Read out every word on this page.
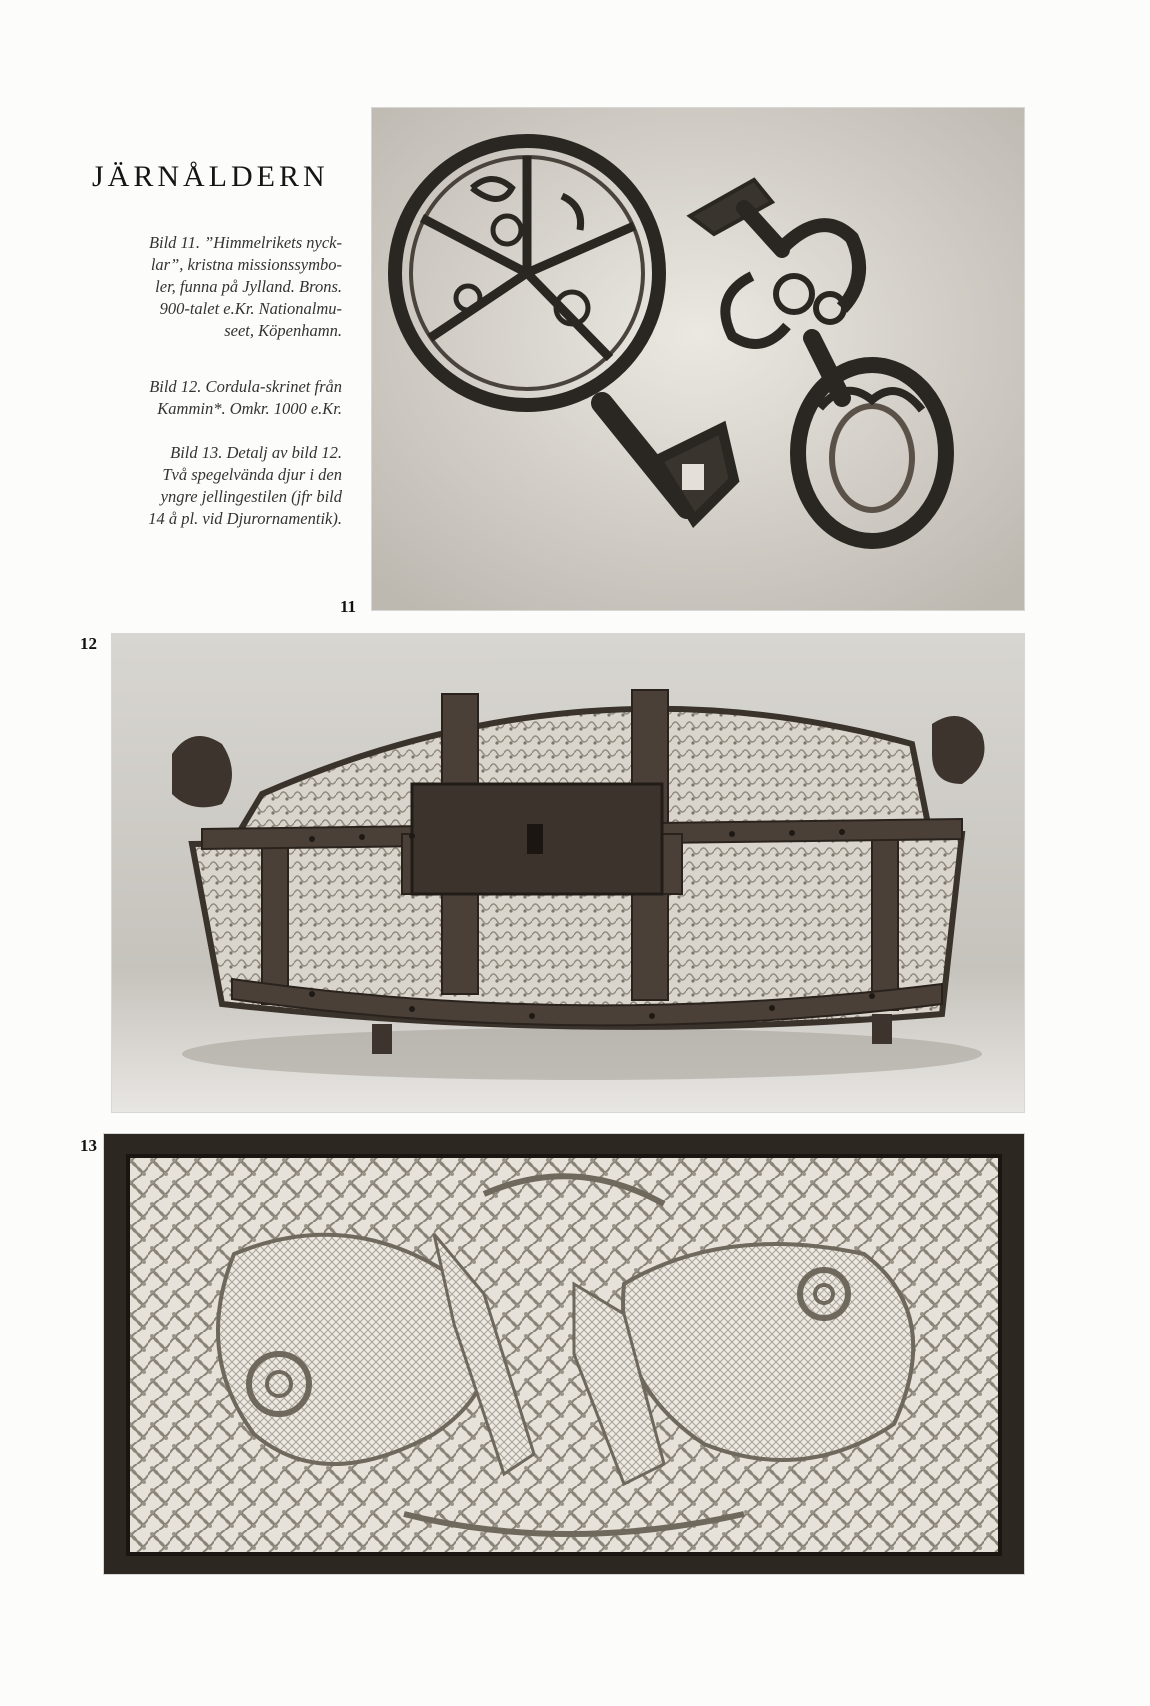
JÄRNÅLDERN

Bild 11. ”Himmelrikets nyck-
lar”, kristna missionssymbo-
ler, funna på Jylland. Brons.
900-talet e.Kr. Nationalmu-
seet, Köpenhamn.

Bild 12. Cordula-skrinet från
Kammin*. Omkr. 1000 e.Kr.

Bild 13. Detalj av bild 12.
Två spegelvända djur i den
yngre jellingestilen (jfr bild
14 å pl. vid Djurornamentik).

11
12
13
